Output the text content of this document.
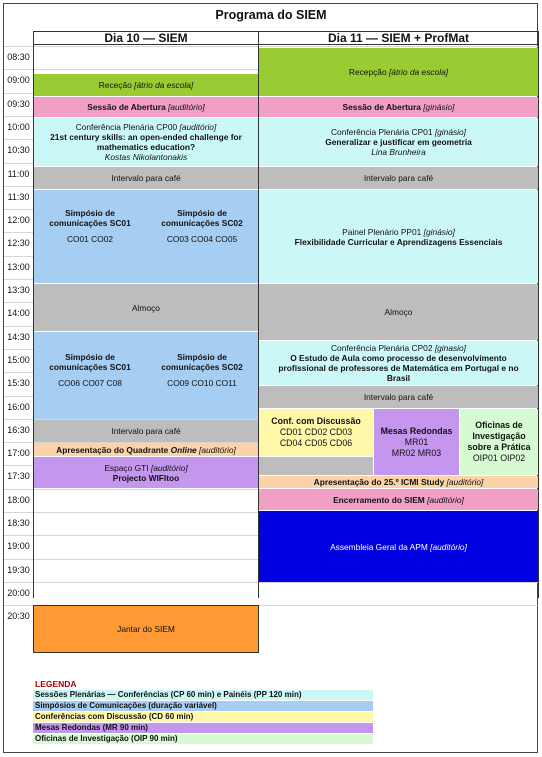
Programa do SIEM
Dia 10 — SIEM	Dia 11 — SIEM + ProfMat
08:30
09:00
09:30
10:00
10:30
11:00
11:30
12:00
12:30
13:00
13:30
14:00
14:30
15:00
15:30
16:00
16:30
17:00
17:30
18:00
18:30
19:00
19:30
20:00
20:30
Receção [átrio da escola]
Sessão de Abertura [auditório]
Conferência Plenária CP00 [auditório]
21st century skills: an open-ended challenge for
mathematics education?
Kostas Nikolantonakis
Intervalo para café
Simpósio de
comunicações SC01
CO01 CO02
Simpósio de
comunicações SC02
CO03 CO04 CO05
Almoço
Simpósio de
comunicações SC01
CO06 CO07 C08
Simpósio de
comunicações SC02
CO09 CO10 CO11
Intervalo para café
Apresentação do Quadrante Online [auditório]
Espaço GTI [auditório]
Projecto WIFItoo
Jantar do SIEM
Recepção [átrio da escola]
Sessão de Abertura [ginásio]
Conferência Plenária CP01 [ginásio]
Generalizar e justificar em geometria
Lina Brunheira
Intervalo para café
Painel Plenário PP01 [ginásio]
Flexibilidade Curricular e Aprendizagens Essenciais
Almoço
Conferência Plenária CP02 [ginasio]
O Estudo de Aula como processo de desenvolvimento
profissional de professores de Matemática em Portugal e no
Brasil
Intervalo para café
Conf. com Discussão
CD01 CD02 CD03
CD04 CD05 CD06
Mesas Redondas
MR01
MR02 MR03
Oficinas de
Investigação
sobre a Prática
OIP01 OIP02
Apresentação do 25.º ICMI Study [auditório]
Encerramento do SIEM [auditório]
Assembleia Geral da APM [auditório]
LEGENDA
Sessões Plenárias — Conferências (CP 60 min) e Painéis (PP 120 min)
Simpósios de Comunicações (duração variável)
Conferências com Discussão (CD 60 min)
Mesas Redondas (MR 90 min)
Oficinas de Investigação (OIP 90 min)
